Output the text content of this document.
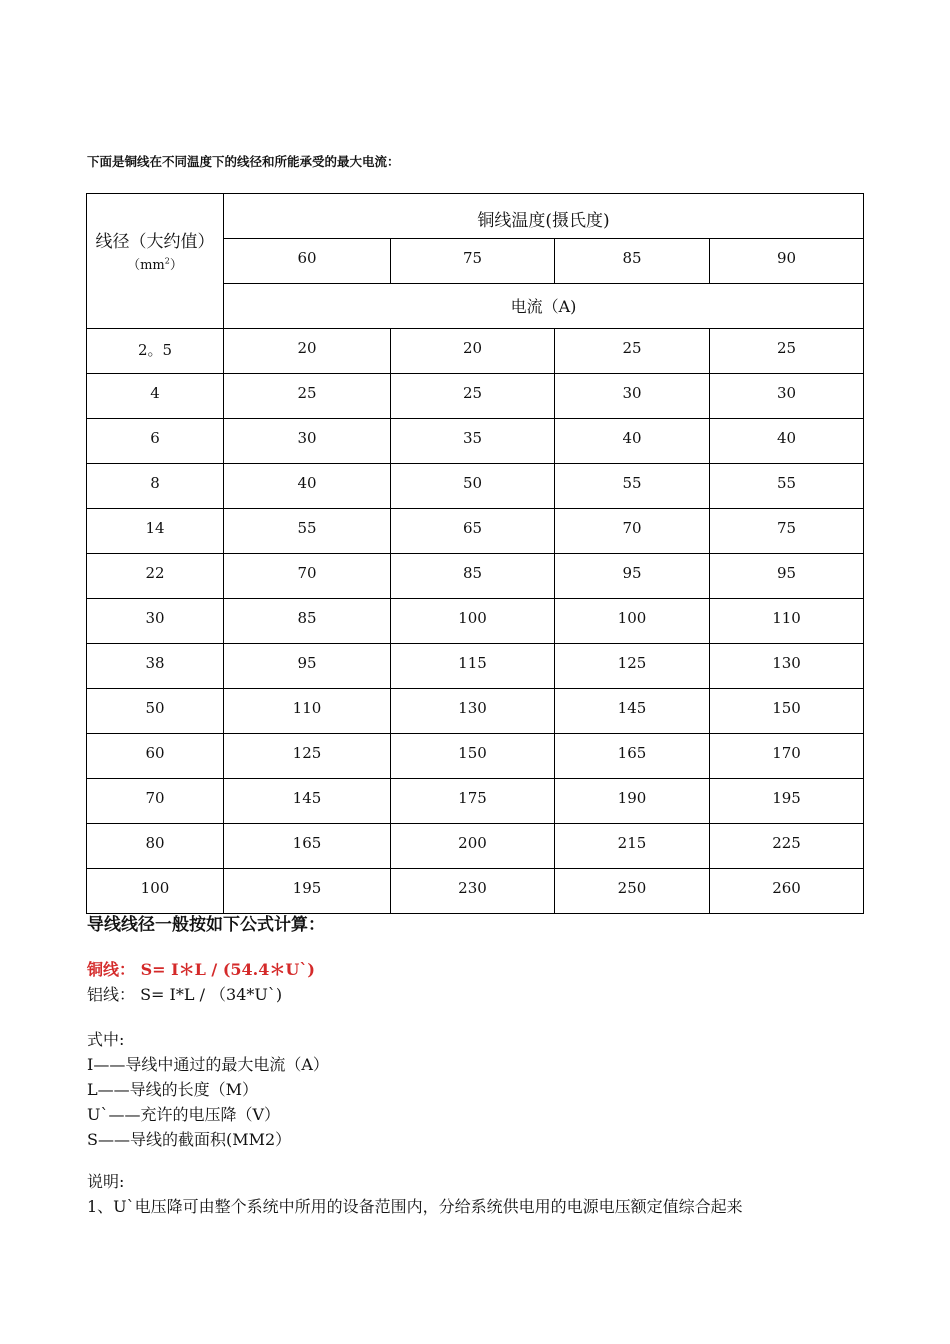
下面是铜线在不同温度下的线径和所能承受的最大电流：
线径（大约值）
$(mm^2)$	铜线温度(摄氏度)			
	60	75	85	90
	电流（A)			
2。5	20	20	25	25
4	25	25	30	30
6	30	35	40	40
8	40	50	55	55
14	55	65	70	75
22	70	85	95	95
30	85	100	100	110
38	95	115	125	130
50	110	130	145	150
60	125	150	165	170
70	145	175	190	195
80	165	200	215	225
100	195	230	250	260
导线线径一般按如下公式计算：
铜线： S= I＊L / (54.4＊U`)
铝线： S= I*L / （34*U`)
式中:
I——导线中通过的最大电流（A）
L——导线的长度（M）
U`——充许的电压降（V）
S——导线的截面积(MM2）
说明:
1、U`电压降可由整个系统中所用的设备范围内，分给系统供电用的电源电压额定值综合起来
